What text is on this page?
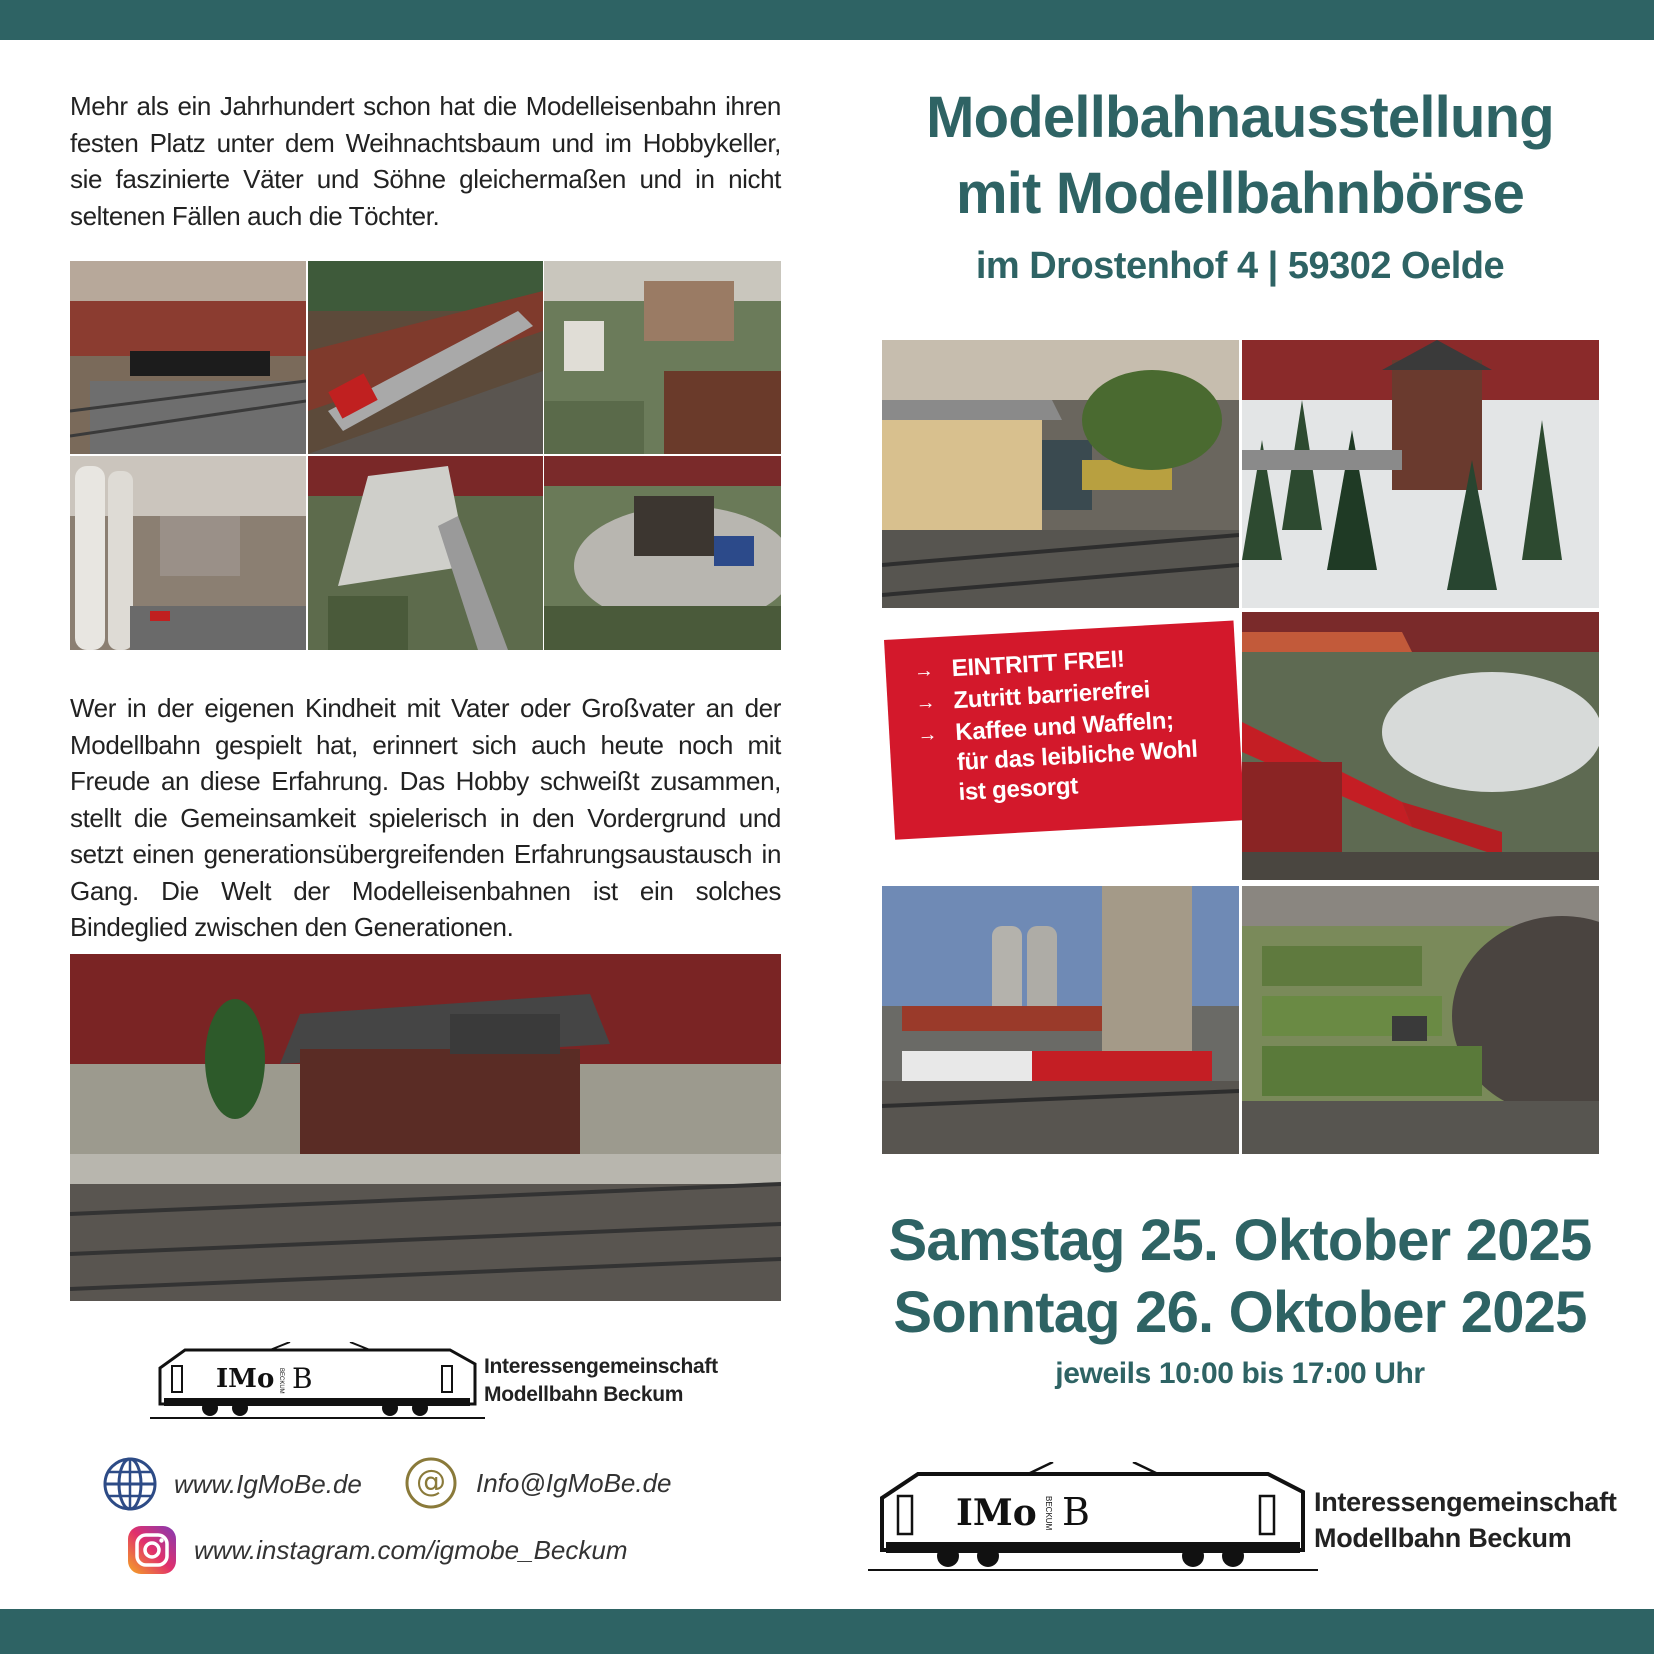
Mehr als ein Jahrhundert schon hat die Modelleisenbahn ihren festen Platz unter dem Weihnachtsbaum und im Hobbykeller, sie faszinierte Väter und Söhne gleichermaßen und in nicht seltenen Fällen auch die Töchter.

Wer in der eigenen Kindheit mit Vater oder Großvater an der Modellbahn gespielt hat, erinnert sich auch heute noch mit Freude an diese Erfahrung. Das Hobby schweißt zusammen, stellt die Gemeinsamkeit spielerisch in den Vordergrund und setzt einen generationsübergreifenden Erfahrungsaustausch in Gang. Die Welt der Modelleisenbahnen ist ein solches Bindeglied zwischen den Generationen.

IMo B
BECKUM
Interessengemeinschaft
Modellbahn Beckum
www.IgMoBe.de	@	Info@IgMoBe.de
www.instagram.com/igmobe_Beckum
Modellbahnausstellung
mit Modellbahnbörse
im Drostenhof 4 | 59302 Oelde
→ EINTRITT FREI!
→ Zutritt barrierefrei
→ Kaffee und Waffeln;
für das leibliche Wohl
ist gesorgt
Samstag 25. Oktober 2025
Sonntag 26. Oktober 2025
jeweils 10:00 bis 17:00 Uhr
IMo B
BECKUM	Interessengemeinschaft
Modellbahn Beckum
